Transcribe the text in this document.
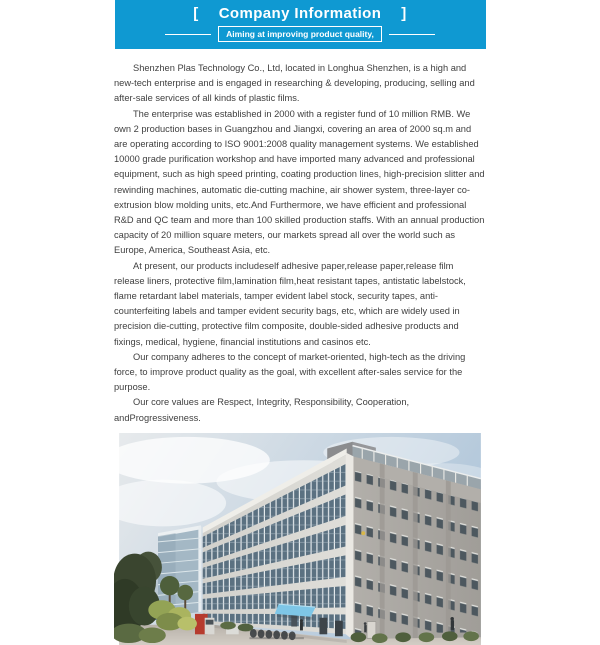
[ Company Information ]
Aiming at improving product quality,

Shenzhen Plas Technology Co., Ltd, located in Longhua Shenzhen, is a high and new-tech enterprise and is engaged in researching & developing, producing, selling and after-sale services of all kinds of plastic films.

The enterprise was established in 2000 with a register fund of 10 million RMB. We own 2 production bases in Guangzhou and Jiangxi, covering an area of 2000 sq.m and are operating according to ISO 9001:2008 quality management systems. We established 10000 grade purification workshop and have imported many advanced and professional equipment, such as high speed printing, coating production lines, high-precision slitter and rewinding machines, automatic die-cutting machine, air shower system, three-layer co-extrusion blow molding units, etc.And Furthermore, we have efficient and professional R&D and QC team and more than 100 skilled production staffs. With an annual production capacity of 20 million square meters, our markets spread all over the world such as Europe, America, Southeast Asia, etc.

At present, our products includeself adhesive paper,release paper,release film release liners, protective film,lamination film,heat resistant tapes, antistatic labelstock, flame retardant label materials, tamper evident label stock, security tapes, anti-counterfeiting labels and tamper evident security bags, etc, which are widely used in precision die-cutting, protective film composite, double-sided adhesive products and fixings, medical, hygiene, financial institutions and casinos etc.

Our company adheres to the concept of market-oriented, high-tech as the driving force, to improve product quality as the goal, with excellent after-sales service for the purpose.

Our core values are Respect, Integrity, Responsibility, Cooperation, andProgressiveness.
